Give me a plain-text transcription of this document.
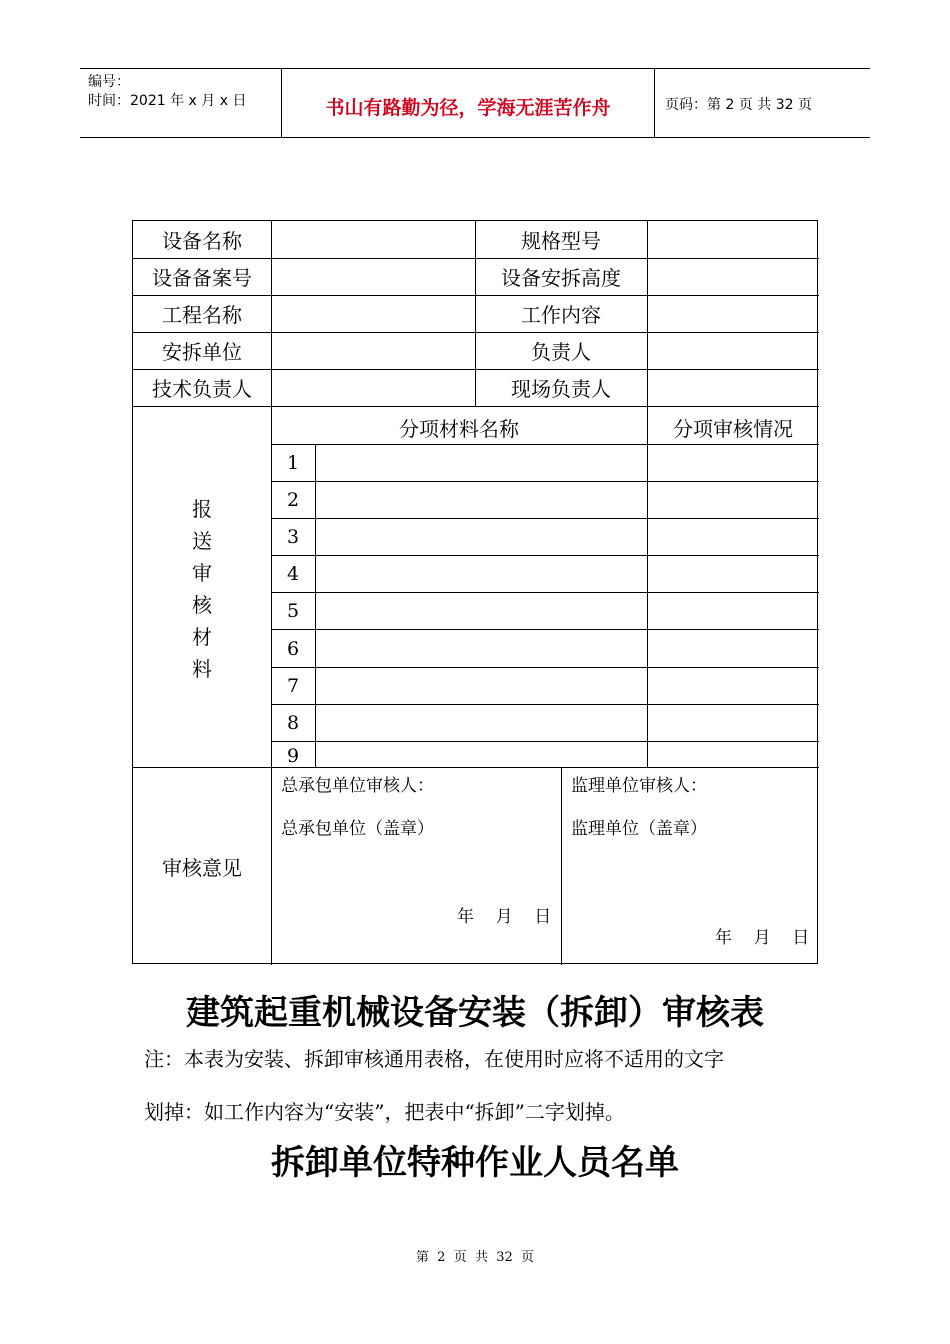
编号：
时间：2021 年 x 月 x 日	书山有路勤为径，学海无涯苦作舟	页码：第 2 页 共 32 页
设备名称	规格型号
设备备案号	设备安拆高度
工程名称	工作内容
安拆单位	负责人
技术负责人	现场负责人
分项材料名称	分项审核情况
1
2
3
4
5
6
7
8
9
报
送
审
核
材
料
审核意见
总承包单位审核人：
总承包单位（盖章）
年    月    日
监理单位审核人：
监理单位（盖章）
年    月    日
建筑起重机械设备安装（拆卸）审核表
注：本表为安装、拆卸审核通用表格，在使用时应将不适用的文字
划掉：如工作内容为“安装”，把表中“拆卸”二字划掉。
拆卸单位特种作业人员名单
第  2  页  共  32  页
